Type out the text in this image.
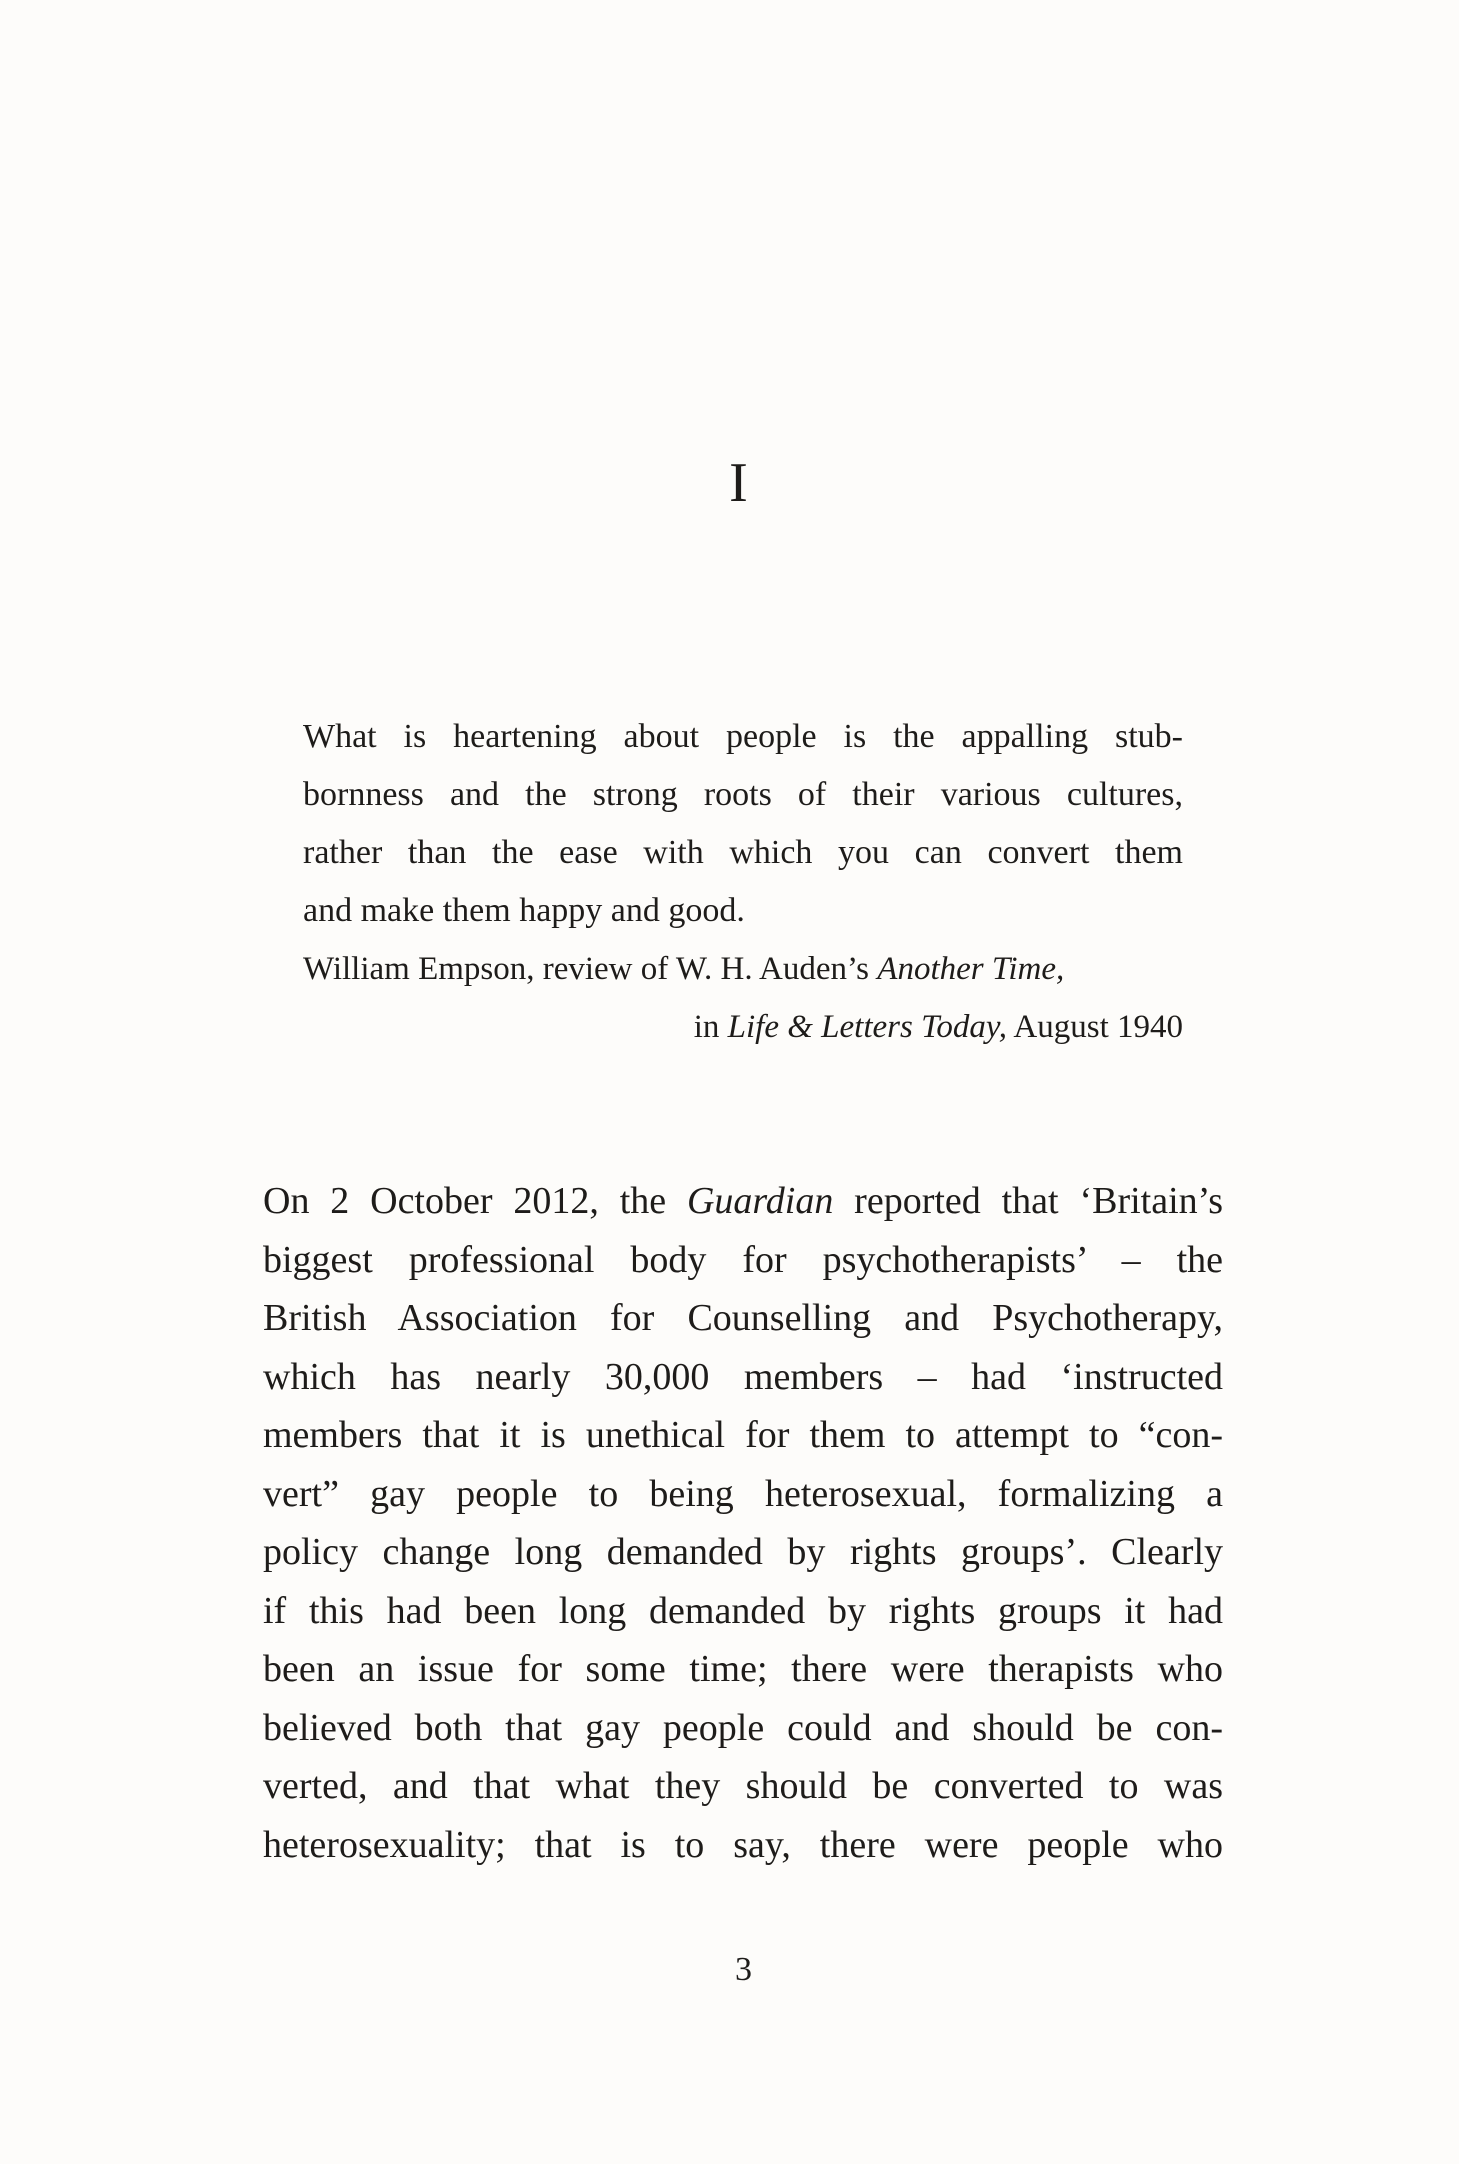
I

What is heartening about people is the appalling stub-

bornness and the strong roots of their various cultures,

rather than the ease with which you can convert them

and make them happy and good.

William Empson, review of W. H. Auden’s Another Time,

in Life & Letters Today, August 1940

On 2 October 2012, the Guardian reported that ‘Britain’s

biggest professional body for psychotherapists’ – the

British Association for Counselling and Psychotherapy,

which has nearly 30,000 members – had ‘instructed

members that it is unethical for them to attempt to “con-

vert” gay people to being heterosexual, formalizing a

policy change long demanded by rights groups’. Clearly

if this had been long demanded by rights groups it had

been an issue for some time; there were therapists who

believed both that gay people could and should be con-

verted, and that what they should be converted to was

heterosexuality; that is to say, there were people who

3
